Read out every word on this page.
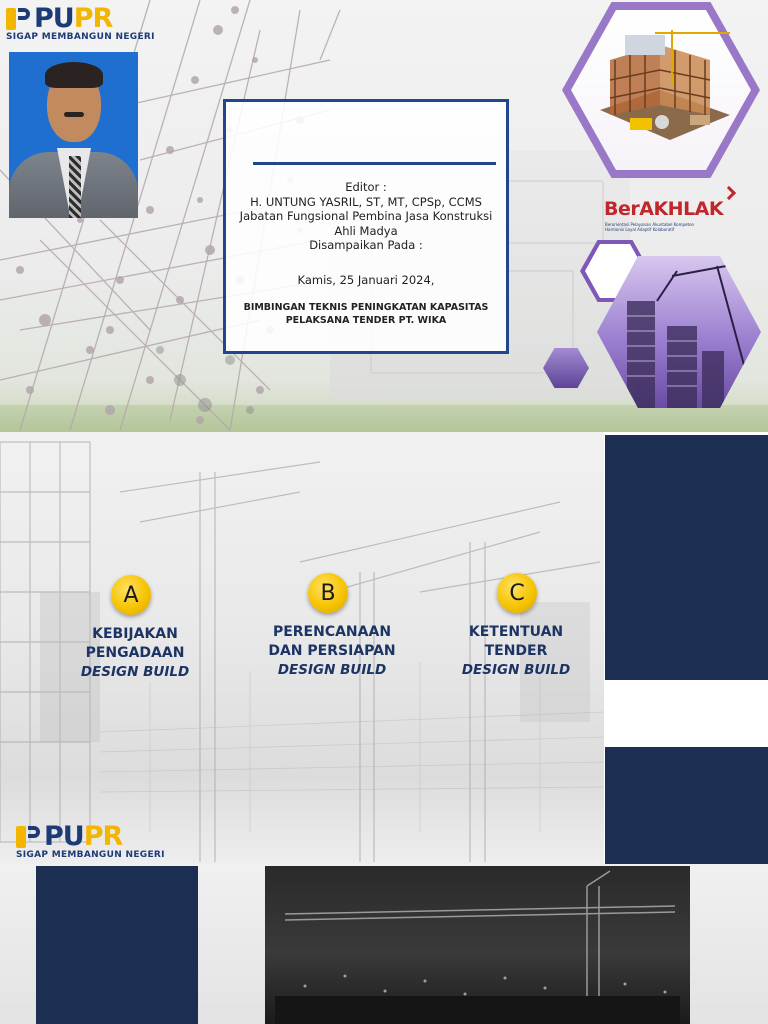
PUPR
SIGAP MEMBANGUN NEGERI
Editor :
H. UNTUNG YASRIL, ST, MT, CPSp, CCMS
Jabatan Fungsional Pembina Jasa Konstruksi
Ahli Madya
Disampaikan Pada :
Kamis, 25 Januari 2024,
BIMBINGAN TEKNIS PENINGKATAN KAPASITAS
PELAKSANA TENDER PT. WIKA
BerAKHLAK
Berorientasi Pelayanan Akuntabel Kompeten
Harmonis Loyal Adaptif Kolaboratif
A
KEBIJAKAN
PENGADAAN
DESIGN BUILD
B
PERENCANAAN
DAN PERSIAPAN
DESIGN BUILD
C
KETENTUAN
TENDER
DESIGN BUILD
PUPR
SIGAP MEMBANGUN NEGERI
